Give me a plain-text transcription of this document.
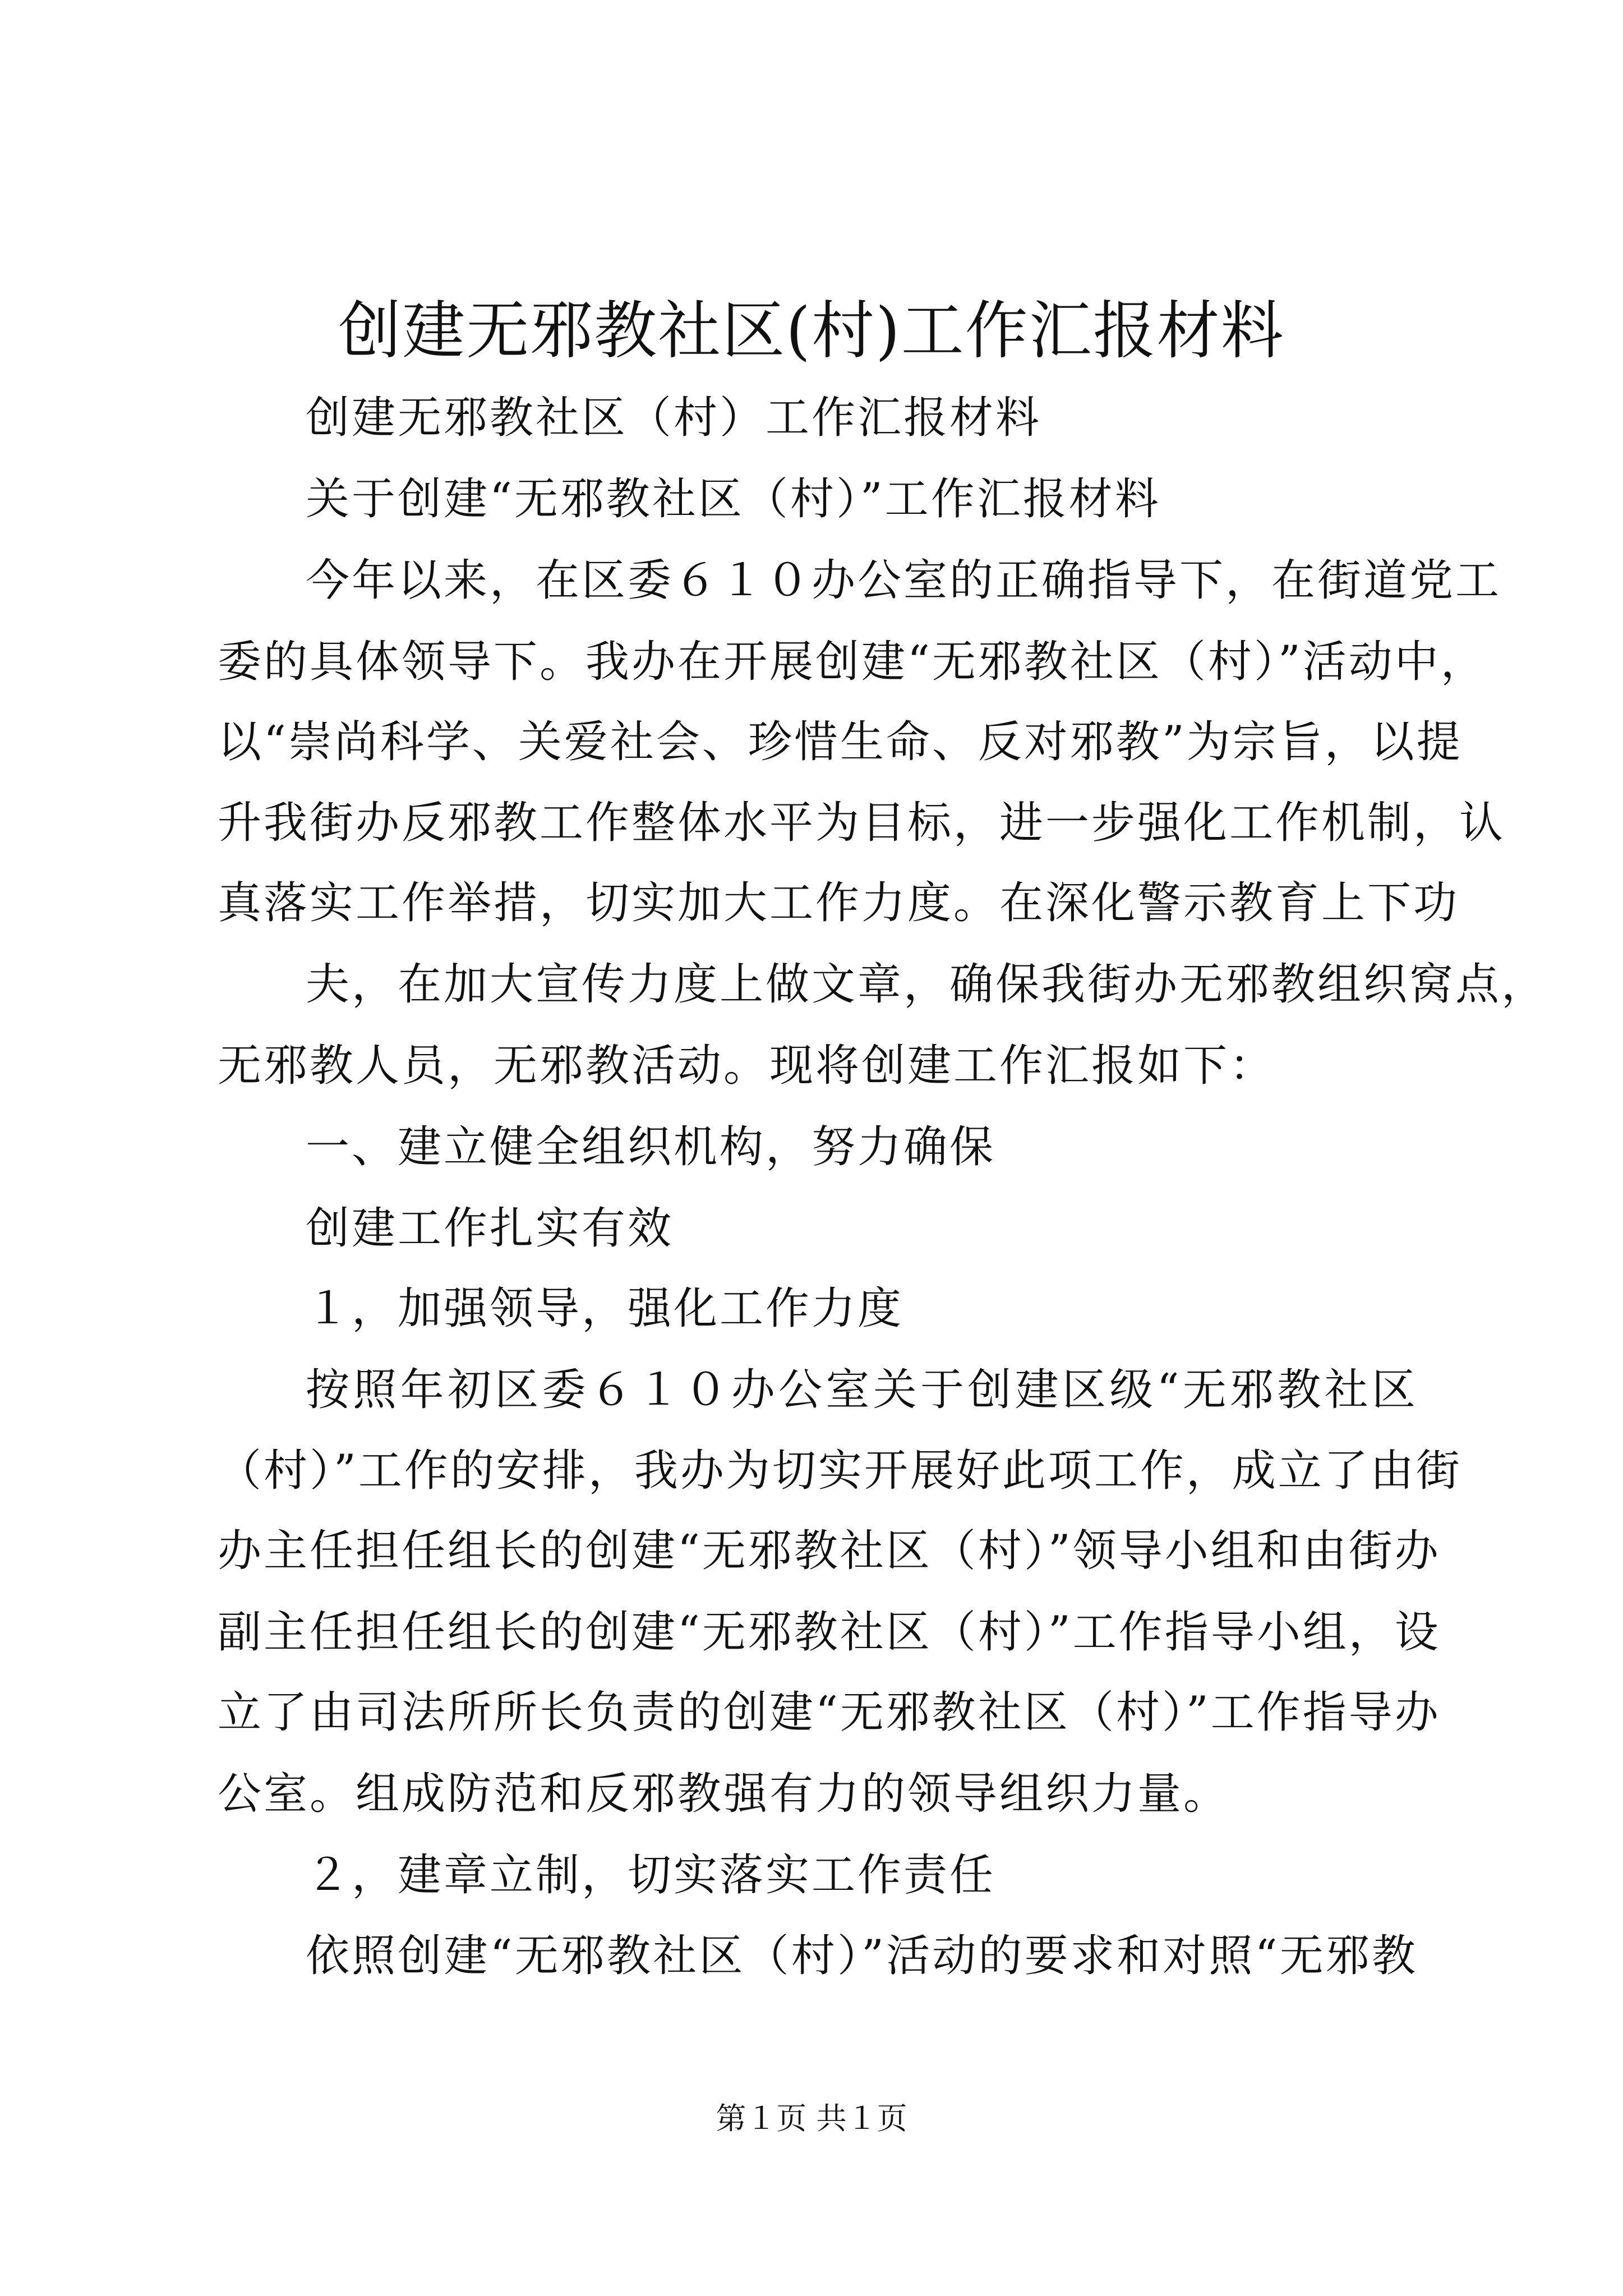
创建无邪教社区(村)工作汇报材料
创建无邪教社区（村）工作汇报材料
关于创建“无邪教社区（村）”工作汇报材料
今年以来，在区委６１０办公室的正确指导下，在街道党工
委的具体领导下。我办在开展创建“无邪教社区（村）”活动中，
以“崇尚科学、关爱社会、珍惜生命、反对邪教”为宗旨，以提
升我街办反邪教工作整体水平为目标，进一步强化工作机制，认
真落实工作举措，切实加大工作力度。在深化警示教育上下功
夫，在加大宣传力度上做文章，确保我街办无邪教组织窝点，
无邪教人员，无邪教活动。现将创建工作汇报如下：
一、建立健全组织机构，努力确保
创建工作扎实有效
１，加强领导，强化工作力度
按照年初区委６１０办公室关于创建区级“无邪教社区
（村）”工作的安排，我办为切实开展好此项工作，成立了由街
办主任担任组长的创建“无邪教社区（村）”领导小组和由街办
副主任担任组长的创建“无邪教社区（村）”工作指导小组，设
立了由司法所所长负责的创建“无邪教社区（村）”工作指导办
公室。组成防范和反邪教强有力的领导组织力量。
２，建章立制，切实落实工作责任
依照创建“无邪教社区（村）”活动的要求和对照“无邪教
第１页 共１页
